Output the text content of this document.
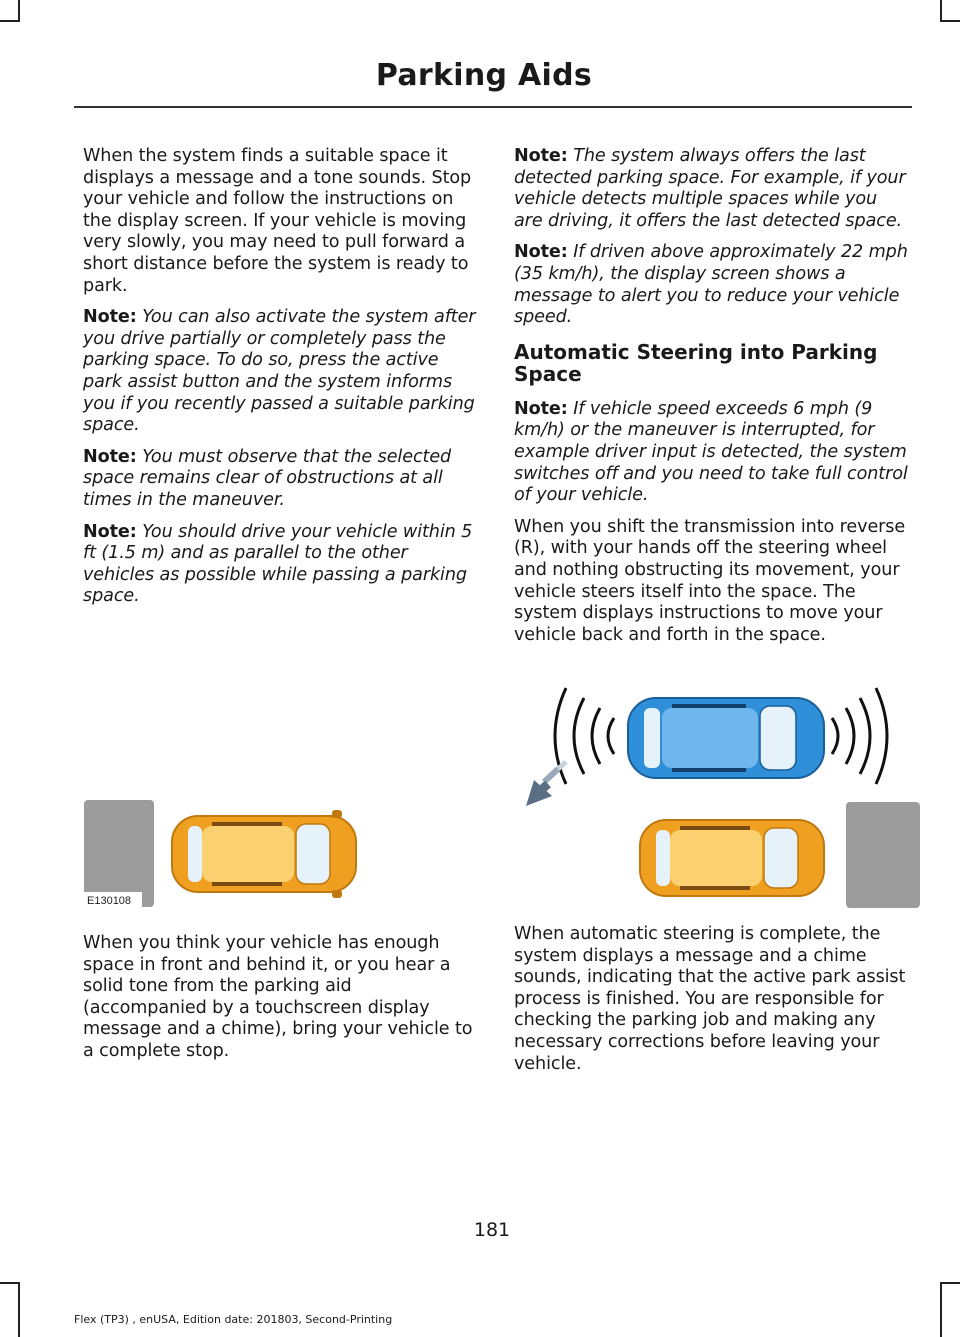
Parking Aids

When the system finds a suitable space it displays a message and a tone sounds. Stop your vehicle and follow the instructions on the display screen. If your vehicle is moving very slowly, you may need to pull forward a short distance before the system is ready to park.

Note: You can also activate the system after you drive partially or completely pass the parking space. To do so, press the active park assist button and the system informs you if you recently passed a suitable parking space.

Note: You must observe that the selected space remains clear of obstructions at all times in the maneuver.

Note: You should drive your vehicle within 5 ft (1.5 m) and as parallel to the other vehicles as possible while passing a parking space.

E130108

When you think your vehicle has enough space in front and behind it, or you hear a solid tone from the parking aid (accompanied by a touchscreen display message and a chime), bring your vehicle to a complete stop.

Note: The system always offers the last detected parking space. For example, if your vehicle detects multiple spaces while you are driving, it offers the last detected space.

Note: If driven above approximately 22 mph (35 km/h), the display screen shows a message to alert you to reduce your vehicle speed.

Automatic Steering into Parking Space

Note: If vehicle speed exceeds 6 mph (9 km/h) or the maneuver is interrupted, for example driver input is detected, the system switches off and you need to take full control of your vehicle.

When you shift the transmission into reverse (R), with your hands off the steering wheel and nothing obstructing its movement, your vehicle steers itself into the space. The system displays instructions to move your vehicle back and forth in the space.

When automatic steering is complete, the system displays a message and a chime sounds, indicating that the active park assist process is finished. You are responsible for checking the parking job and making any necessary corrections before leaving your vehicle.

181
Flex (TP3) , enUSA, Edition date: 201803, Second-Printing
